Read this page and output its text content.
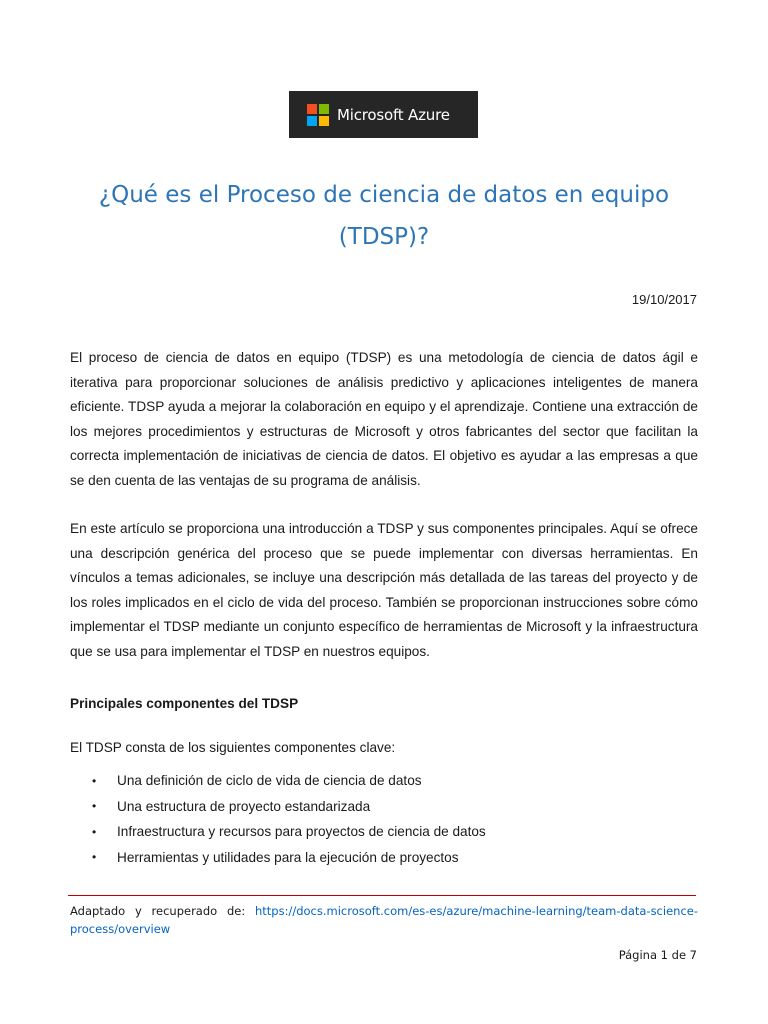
Microsoft Azure
¿Qué es el Proceso de ciencia de datos en equipo (TDSP)?
19/10/2017

El proceso de ciencia de datos en equipo (TDSP) es una metodología de ciencia de datos ágil e iterativa para proporcionar soluciones de análisis predictivo y aplicaciones inteligentes de manera eficiente. TDSP ayuda a mejorar la colaboración en equipo y el aprendizaje. Contiene una extracción de los mejores procedimientos y estructuras de Microsoft y otros fabricantes del sector que facilitan la correcta implementación de iniciativas de ciencia de datos. El objetivo es ayudar a las empresas a que se den cuenta de las ventajas de su programa de análisis.

En este artículo se proporciona una introducción a TDSP y sus componentes principales. Aquí se ofrece una descripción genérica del proceso que se puede implementar con diversas herramientas. En vínculos a temas adicionales, se incluye una descripción más detallada de las tareas del proyecto y de los roles implicados en el ciclo de vida del proceso. También se proporcionan instrucciones sobre cómo implementar el TDSP mediante un conjunto específico de herramientas de Microsoft y la infraestructura que se usa para implementar el TDSP en nuestros equipos.

Principales componentes del TDSP

El TDSP consta de los siguientes componentes clave:

•	Una definición de ciclo de vida de ciencia de datos
•	Una estructura de proyecto estandarizada
•	Infraestructura y recursos para proyectos de ciencia de datos
•	Herramientas y utilidades para la ejecución de proyectos

Adaptado y recuperado de: https://docs.microsoft.com/es-es/azure/machine-learning/team-data-science-process/overview

Página 1 de 7
